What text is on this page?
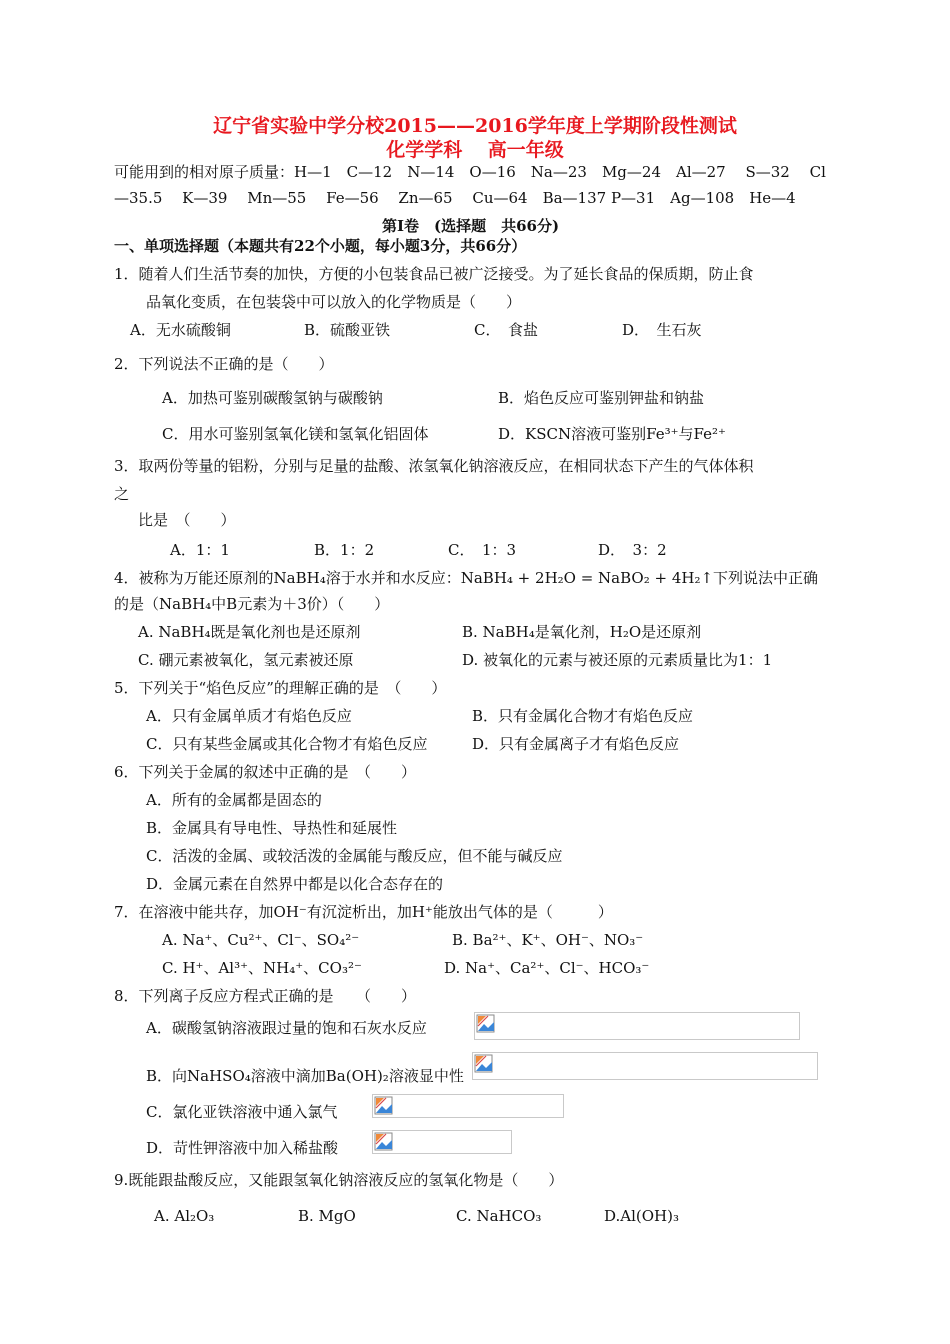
辽宁省实验中学分校2015——2016学年度上学期阶段性测试
化学学科　 高一年级
可能用到的相对原子质量：H—1　C—12　N—14　O—16　Na—23　Mg—24　Al—27　 S—32　 Cl
—35.5　 K—39　 Mn—55　 Fe—56　 Zn—65　 Cu—64　Ba—137 P—31　Ag—108　He—4
第Ⅰ卷　(选择题　共66分)
一、单项选择题（本题共有22个小题，每小题3分，共66分）
1．随着人们生活节奏的加快，方便的小包装食品已被广泛接受。为了延长食品的保质期，防止食
品氧化变质，在包装袋中可以放入的化学物质是（　　）
A．无水硫酸铜	B．硫酸亚铁	C．　食盐	D．　生石灰
2．下列说法不正确的是（　　）
A．加热可鉴别碳酸氢钠与碳酸钠	B．焰色反应可鉴别钾盐和钠盐
C．用水可鉴别氢氧化镁和氢氧化铝固体	D．KSCN溶液可鉴别Fe³⁺与Fe²⁺
3．取两份等量的铝粉，分别与足量的盐酸、浓氢氧化钠溶液反应，在相同状态下产生的气体体积
之
比是　（　　）
A．1：1	B．1：2	C．　1：3	D．　3：2
4．被称为万能还原剂的NaBH₄溶于水并和水反应：NaBH₄ + 2H₂O = NaBO₂ + 4H₂↑下列说法中正确
的是（NaBH₄中B元素为＋3价）（　　）
A. NaBH₄既是氧化剂也是还原剂	B. NaBH₄是氧化剂，H₂O是还原剂
C. 硼元素被氧化，氢元素被还原	D. 被氧化的元素与被还原的元素质量比为1：1
5．下列关于“焰色反应”的理解正确的是　（　　）
A．只有金属单质才有焰色反应	B．只有金属化合物才有焰色反应
C．只有某些金属或其化合物才有焰色反应	D．只有金属离子才有焰色反应
6．下列关于金属的叙述中正确的是　（　　）
A．所有的金属都是固态的
B．金属具有导电性、导热性和延展性
C．活泼的金属、或较活泼的金属能与酸反应，但不能与碱反应
D．金属元素在自然界中都是以化合态存在的
7．在溶液中能共存，加OH⁻有沉淀析出，加H⁺能放出气体的是（　　　）
A. Na⁺、Cu²⁺、Cl⁻、SO₄²⁻	B. Ba²⁺、K⁺、OH⁻、NO₃⁻
C. H⁺、Al³⁺、NH₄⁺、CO₃²⁻	D. Na⁺、Ca²⁺、Cl⁻、HCO₃⁻
8．下列离子反应方程式正确的是　　（　　）
A．碳酸氢钠溶液跟过量的饱和石灰水反应
B．向NaHSO₄溶液中滴加Ba(OH)₂溶液显中性
C．氯化亚铁溶液中通入氯气
D．苛性钾溶液中加入稀盐酸
9.既能跟盐酸反应，又能跟氢氧化钠溶液反应的氢氧化物是（　　）
A. Al₂O₃	B. MgO	C. NaHCO₃	D.Al(OH)₃
